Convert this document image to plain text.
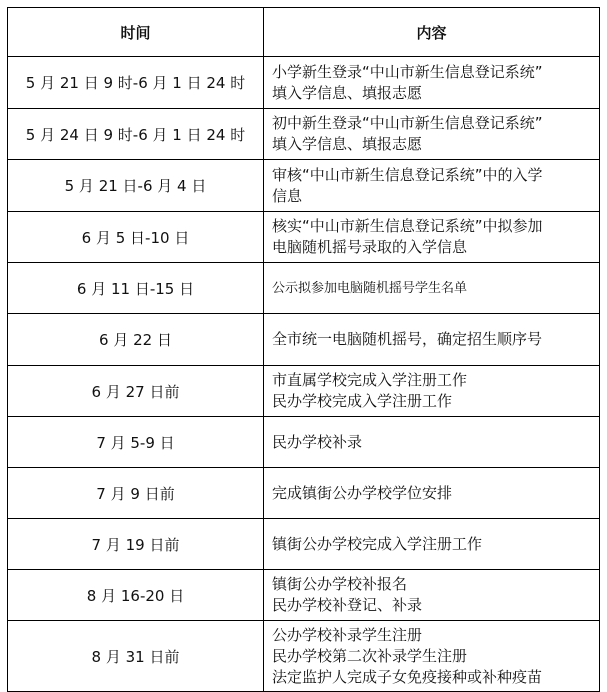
时间	内容
5 月 21 日 9 时-6 月 1 日 24 时	小学新生登录“中山市新生信息登记系统”
填入学信息、填报志愿

5 月 24 日 9 时-6 月 1 日 24 时	初中新生登录“中山市新生信息登记系统”
填入学信息、填报志愿

5 月 21 日-6 月 4 日	审核“中山市新生信息登记系统”中的入学
信息

6 月 5 日-10 日	核实“中山市新生信息登记系统”中拟参加
电脑随机摇号录取的入学信息

6 月 11 日-15 日	公示拟参加电脑随机摇号学生名单

6 月 22 日	全市统一电脑随机摇号，确定招生顺序号

6 月 27 日前	市直属学校完成入学注册工作
民办学校完成入学注册工作

7 月 5-9 日	民办学校补录

7 月 9 日前	完成镇街公办学校学位安排

7 月 19 日前	镇街公办学校完成入学注册工作

8 月 16-20 日	镇街公办学校补报名
民办学校补登记、补录

8 月 31 日前	公办学校补录学生注册
民办学校第二次补录学生注册
法定监护人完成子女免疫接种或补种疫苗
